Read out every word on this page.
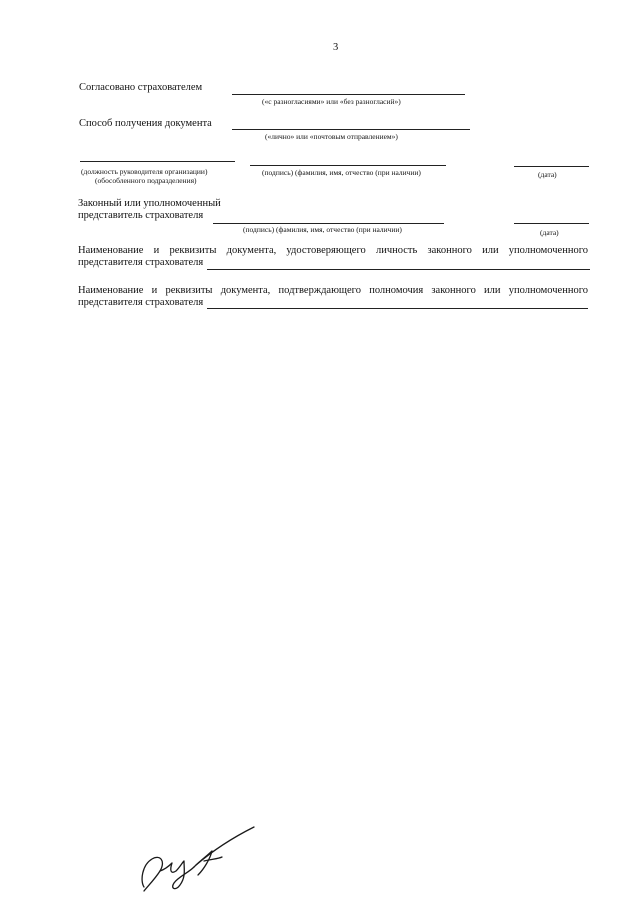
3
Согласовано страхователем
(«с разногласиями» или «без разногласий»)
Способ получения документа
(«лично» или «почтовым отправлением»)
(должность руководителя организации)
(обособленного подразделения)
(подпись) (фамилия, имя, отчество (при наличии)	(дата)
Законный или уполномоченный
представитель страхователя
(подпись) (фамилия, имя, отчество (при наличии)	(дата)
Наименование и реквизиты документа, удостоверяющего личность законного или уполномоченного
представителя страхователя
Наименование и реквизиты документа, подтверждающего полномочия законного или уполномоченного
представителя страхователя
